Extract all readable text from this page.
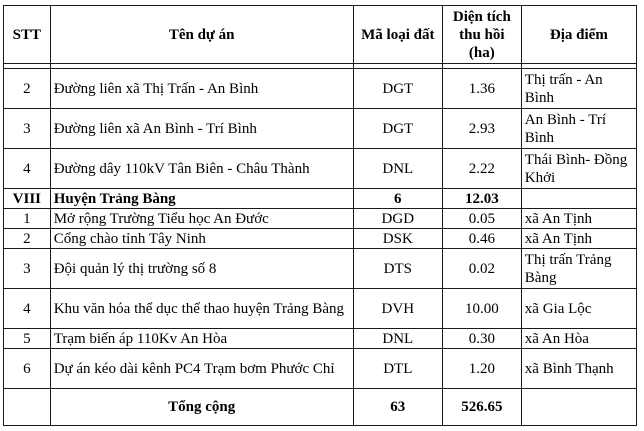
STT	Tên dự án	Mã loại đất	Diện tích thu hồi (ha)	Địa điểm

2	Đường liên xã Thị Trấn - An Bình	DGT	1.36	Thị trấn - An Bình
3	Đường liên xã An Bình - Trí Bình	DGT	2.93	An Bình - Trí Bình
4	Đường dây 110kV Tân Biên - Châu Thành	DNL	2.22	Thái Bình- Đồng Khởi
VIII	Huyện Trảng Bàng	6	12.03	
1	Mở rộng Trường Tiểu học An Đước	DGD	0.05	xã An Tịnh
2	Cổng chào tỉnh Tây Ninh	DSK	0.46	xã An Tịnh
3	Đội quản lý thị trường số 8	DTS	0.02	Thị trấn Trảng Bàng
4	Khu văn hóa thể dục thể thao huyện Trảng Bàng	DVH	10.00	xã Gia Lộc
5	Trạm biến áp 110Kv An Hòa	DNL	0.30	xã An Hòa
6	Dự án kéo dài kênh PC4 Trạm bơm Phước Chỉ	DTL	1.20	xã Bình Thạnh
	Tổng cộng	63	526.65	
